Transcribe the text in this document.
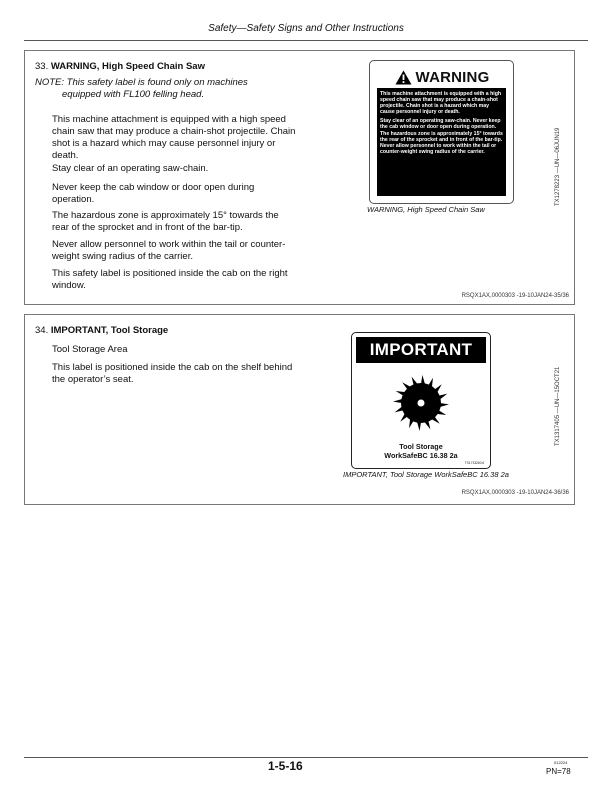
Safety—Safety Signs and Other Instructions
33. WARNING, High Speed Chain Saw
NOTE: This safety label is found only on machines
equipped with FL100 felling head.

This machine attachment is equipped with a high speed chain saw that may produce a chain-shot projectile. Chain shot is a hazard which may cause personnel injury or death.

Stay clear of an operating saw-chain.

Never keep the cab window or door open during operation.

The hazardous zone is approximately 15° towards the rear of the sprocket and in front of the bar-tip.

Never allow personnel to work within the tail or counter-weight swing radius of the carrier.

This safety label is positioned inside the cab on the right window.

WARNING

This machine attachment is equipped with a high speed chain saw that may produce a chain-shot projectile. Chain shot is a hazard which may cause personnel injury or death.

Stay clear of an operating saw-chain. Never keep the cab window or door open during operation. The hazardous zone is approximately 15° towards the rear of the sprocket and in front of the bar-tip. Never allow personnel to work within the tail or counter-weight swing radius of the carrier.

WARNING, High Speed Chain Saw
TX1278223 —UN—06JUN19
RSQX1AX,0000303 -19-10JAN24-35/36
34. IMPORTANT, Tool Storage

Tool Storage Area

This label is positioned inside the cab on the shelf behind the operator’s seat.

IMPORTANT
Tool Storage
WorkSafeBC 16.38 2a
TX1713240.6
IMPORTANT, Tool Storage WorkSafeBC 16.38 2a
TX1317405 —UN—15OCT21
RSQX1AX,0000303 -19-10JAN24-36/36
1-5-16	012224
PN=78
